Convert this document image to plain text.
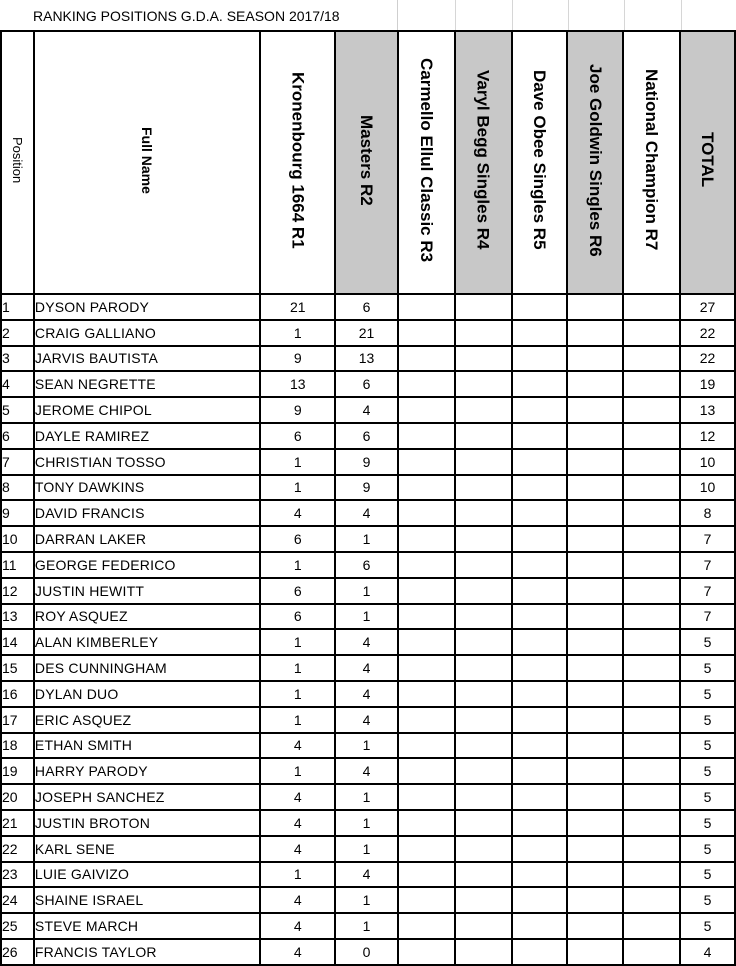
RANKING POSITIONS G.D.A. SEASON 2017/18
Position	Full Name	Kronenbourg 1664 R1	Masters R2	Carmello Ellul Classic R3	Varyl Begg Singles R4	Dave Obee Singles R5	Joe Goldwin Singles R6	National Champion R7	TOTAL
1	DYSON PARODY	21	6						27
2	CRAIG GALLIANO	1	21						22
3	JARVIS BAUTISTA	9	13						22
4	SEAN NEGRETTE	13	6						19
5	JEROME CHIPOL	9	4						13
6	DAYLE RAMIREZ	6	6						12
7	CHRISTIAN TOSSO	1	9						10
8	TONY DAWKINS	1	9						10
9	DAVID FRANCIS	4	4						8
10	DARRAN LAKER	6	1						7
11	GEORGE FEDERICO	1	6						7
12	JUSTIN HEWITT	6	1						7
13	ROY ASQUEZ	6	1						7
14	ALAN KIMBERLEY	1	4						5
15	DES CUNNINGHAM	1	4						5
16	DYLAN DUO	1	4						5
17	ERIC ASQUEZ	1	4						5
18	ETHAN SMITH	4	1						5
19	HARRY PARODY	1	4						5
20	JOSEPH SANCHEZ	4	1						5
21	JUSTIN BROTON	4	1						5
22	KARL SENE	4	1						5
23	LUIE GAIVIZO	1	4						5
24	SHAINE ISRAEL	4	1						5
25	STEVE MARCH	4	1						5
26	FRANCIS TAYLOR	4	0						4
